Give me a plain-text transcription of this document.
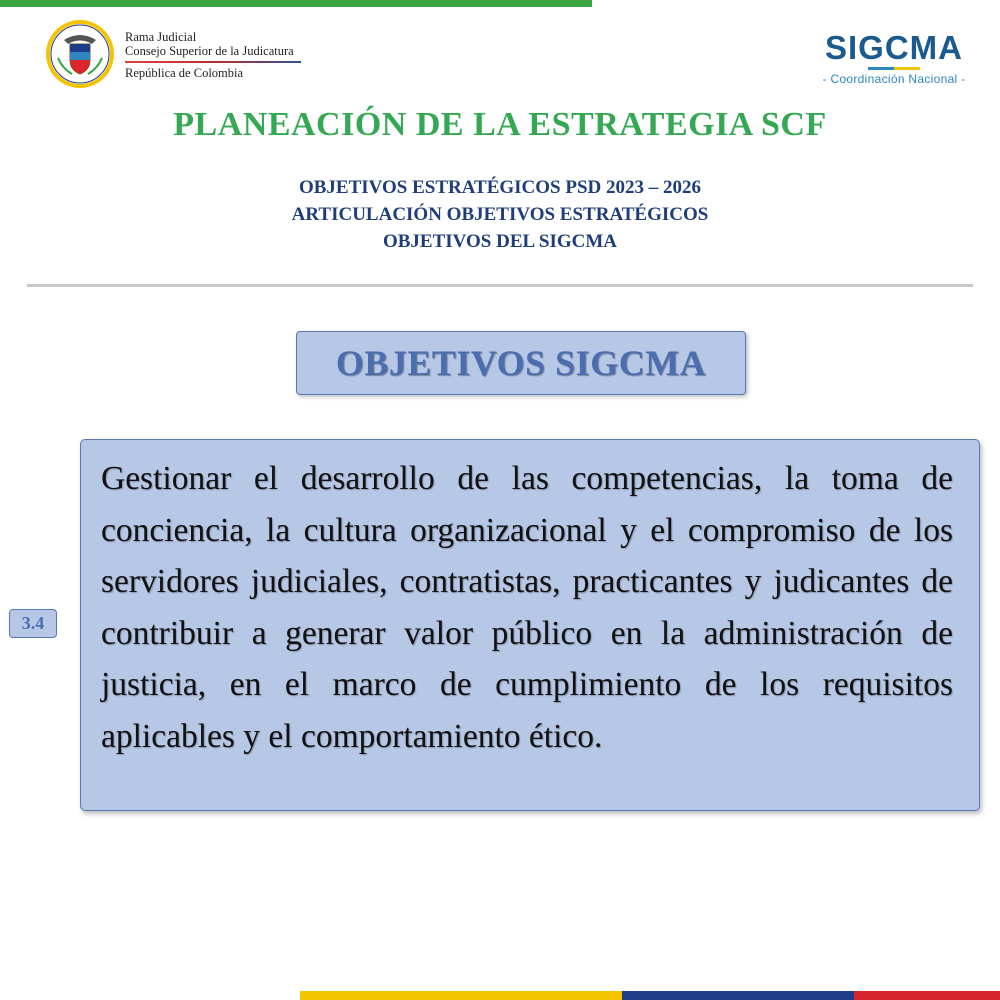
Rama Judicial
Consejo Superior de la Judicatura
República de Colombia
SIGCMA
- Coordinación Nacional -
PLANEACIÓN DE LA ESTRATEGIA SCF
OBJETIVOS ESTRATÉGICOS PSD 2023 – 2026
ARTICULACIÓN OBJETIVOS ESTRATÉGICOS
OBJETIVOS DEL SIGCMA
OBJETIVOS SIGCMA
3.4

Gestionar el desarrollo de las competencias, la toma de conciencia, la cultura organizacional y el compromiso de los servidores judiciales, contratistas, practicantes y judicantes de contribuir a generar valor público en la administración de justicia, en el marco de cumplimiento de los requisitos aplicables y el comportamiento ético.
